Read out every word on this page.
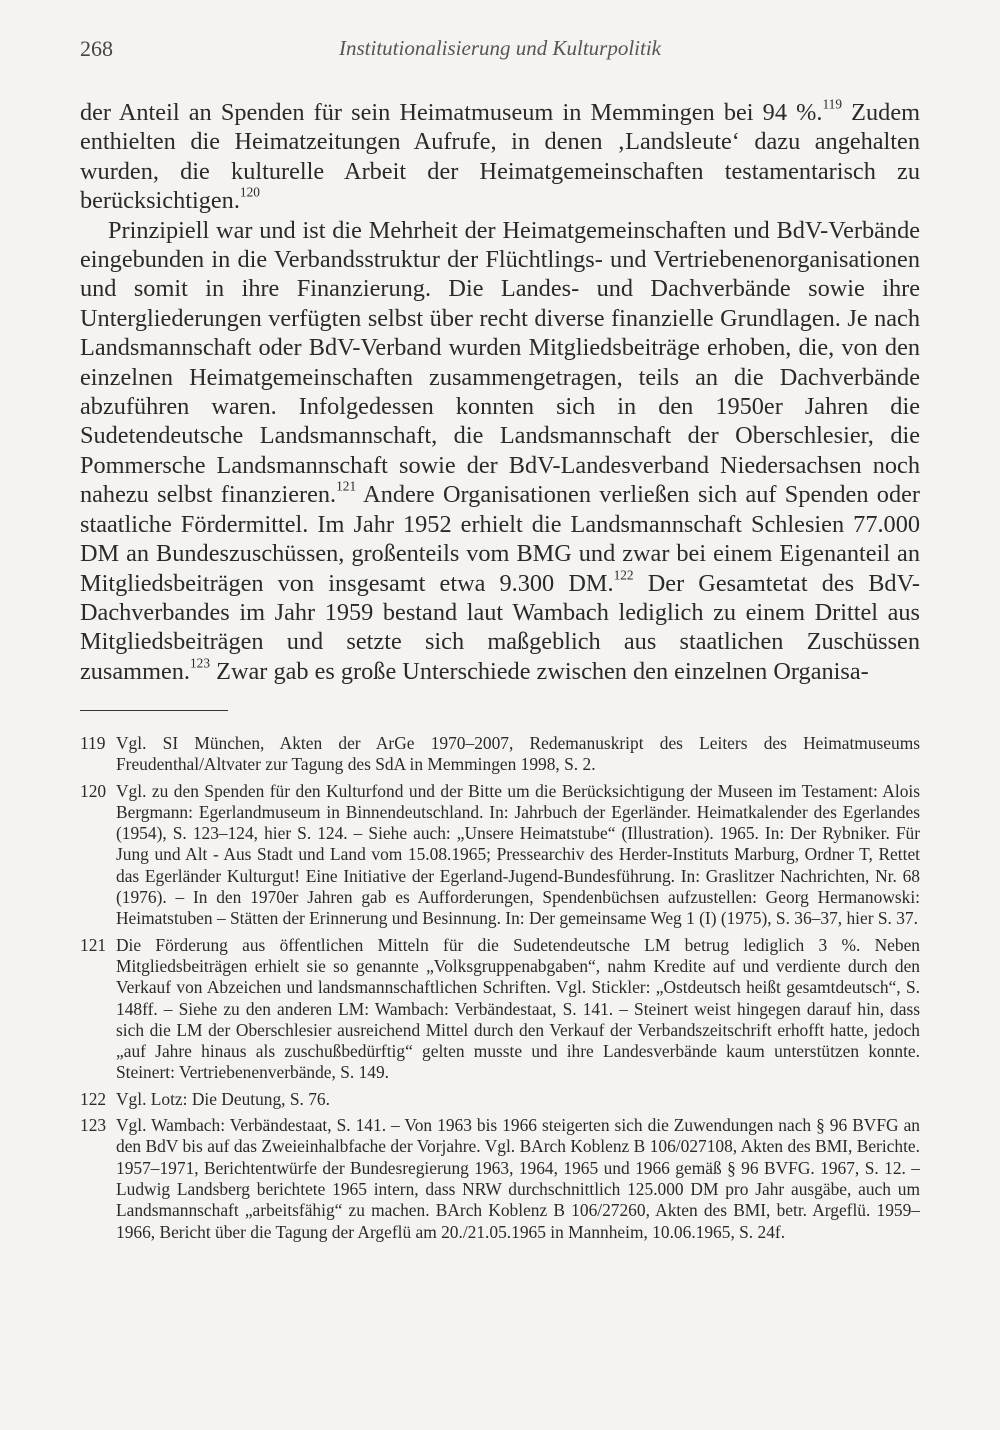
268	Institutionalisierung und Kulturpolitik

der Anteil an Spenden für sein Heimatmuseum in Memmingen bei 94 %.$^{119}$ Zudem enthielten die Heimatzeitungen Aufrufe, in denen ‚Landsleute‘ dazu angehalten wurden, die kulturelle Arbeit der Heimatgemeinschaften testamentarisch zu berücksichtigen.$^{120}$

Prinzipiell war und ist die Mehrheit der Heimatgemeinschaften und BdV-Verbände eingebunden in die Verbandsstruktur der Flüchtlings- und Vertriebenenorganisationen und somit in ihre Finanzierung. Die Landes- und Dachverbände sowie ihre Untergliederungen verfügten selbst über recht diverse finanzielle Grundlagen. Je nach Landsmannschaft oder BdV-Verband wurden Mitgliedsbeiträge erhoben, die, von den einzelnen Heimatgemeinschaften zusammengetragen, teils an die Dachverbände abzuführen waren. Infolgedessen konnten sich in den 1950er Jahren die Sudetendeutsche Landsmannschaft, die Landsmannschaft der Oberschlesier, die Pommersche Landsmannschaft sowie der BdV-Landesverband Niedersachsen noch nahezu selbst finanzieren.$^{121}$ Andere Organisationen verließen sich auf Spenden oder staatliche Fördermittel. Im Jahr 1952 erhielt die Landsmannschaft Schlesien 77.000 DM an Bundeszuschüssen, großenteils vom BMG und zwar bei einem Eigenanteil an Mitgliedsbeiträgen von insgesamt etwa 9.300 DM.$^{122}$ Der Gesamtetat des BdV-Dachverbandes im Jahr 1959 bestand laut Wambach lediglich zu einem Drittel aus Mitgliedsbeiträgen und setzte sich maßgeblich aus staatlichen Zuschüssen zusammen.$^{123}$ Zwar gab es große Unterschiede zwischen den einzelnen Organisa-

119 Vgl. SI München, Akten der ArGe 1970–2007, Redemanuskript des Leiters des Heimatmuseums Freudenthal/Altvater zur Tagung des SdA in Memmingen 1998, S. 2.
120 Vgl. zu den Spenden für den Kulturfond und der Bitte um die Berücksichtigung der Museen im Testament: Alois Bergmann: Egerlandmuseum in Binnendeutschland. In: Jahrbuch der Egerländer. Heimatkalender des Egerlandes (1954), S. 123–124, hier S. 124. – Siehe auch: „Unsere Heimatstube“ (Illustration). 1965. In: Der Rybniker. Für Jung und Alt - Aus Stadt und Land vom 15.08.1965; Pressearchiv des Herder-Instituts Marburg, Ordner T, Rettet das Egerländer Kulturgut! Eine Initiative der Egerland-Jugend-Bundesführung. In: Graslitzer Nachrichten, Nr. 68 (1976). – In den 1970er Jahren gab es Aufforderungen, Spendenbüchsen aufzustellen: Georg Hermanowski: Heimatstuben – Stätten der Erinnerung und Besinnung. In: Der gemeinsame Weg 1 (I) (1975), S. 36–37, hier S. 37.
121 Die Förderung aus öffentlichen Mitteln für die Sudetendeutsche LM betrug lediglich 3 %. Neben Mitgliedsbeiträgen erhielt sie so genannte „Volksgruppenabgaben“, nahm Kredite auf und verdiente durch den Verkauf von Abzeichen und landsmannschaftlichen Schriften. Vgl. Stickler: „Ostdeutsch heißt gesamtdeutsch“, S. 148ff. – Siehe zu den anderen LM: Wambach: Verbändestaat, S. 141. – Steinert weist hingegen darauf hin, dass sich die LM der Oberschlesier ausreichend Mittel durch den Verkauf der Verbandszeitschrift erhofft hatte, jedoch „auf Jahre hinaus als zuschußbedürftig“ gelten musste und ihre Landesverbände kaum unterstützen konnte. Steinert: Vertriebenenverbände, S. 149.
122 Vgl. Lotz: Die Deutung, S. 76.
123 Vgl. Wambach: Verbändestaat, S. 141. – Von 1963 bis 1966 steigerten sich die Zuwendungen nach § 96 BVFG an den BdV bis auf das Zweieinhalbfache der Vorjahre. Vgl. BArch Koblenz B 106/027108, Akten des BMI, Berichte. 1957–1971, Berichtentwürfe der Bundesregierung 1963, 1964, 1965 und 1966 gemäß § 96 BVFG. 1967, S. 12. – Ludwig Landsberg berichtete 1965 intern, dass NRW durchschnittlich 125.000 DM pro Jahr ausgäbe, auch um Landsmannschaft „arbeitsfähig“ zu machen. BArch Koblenz B 106/27260, Akten des BMI, betr. Argeflü. 1959–1966, Bericht über die Tagung der Argeflü am 20./21.05.1965 in Mannheim, 10.06.1965, S. 24f.
